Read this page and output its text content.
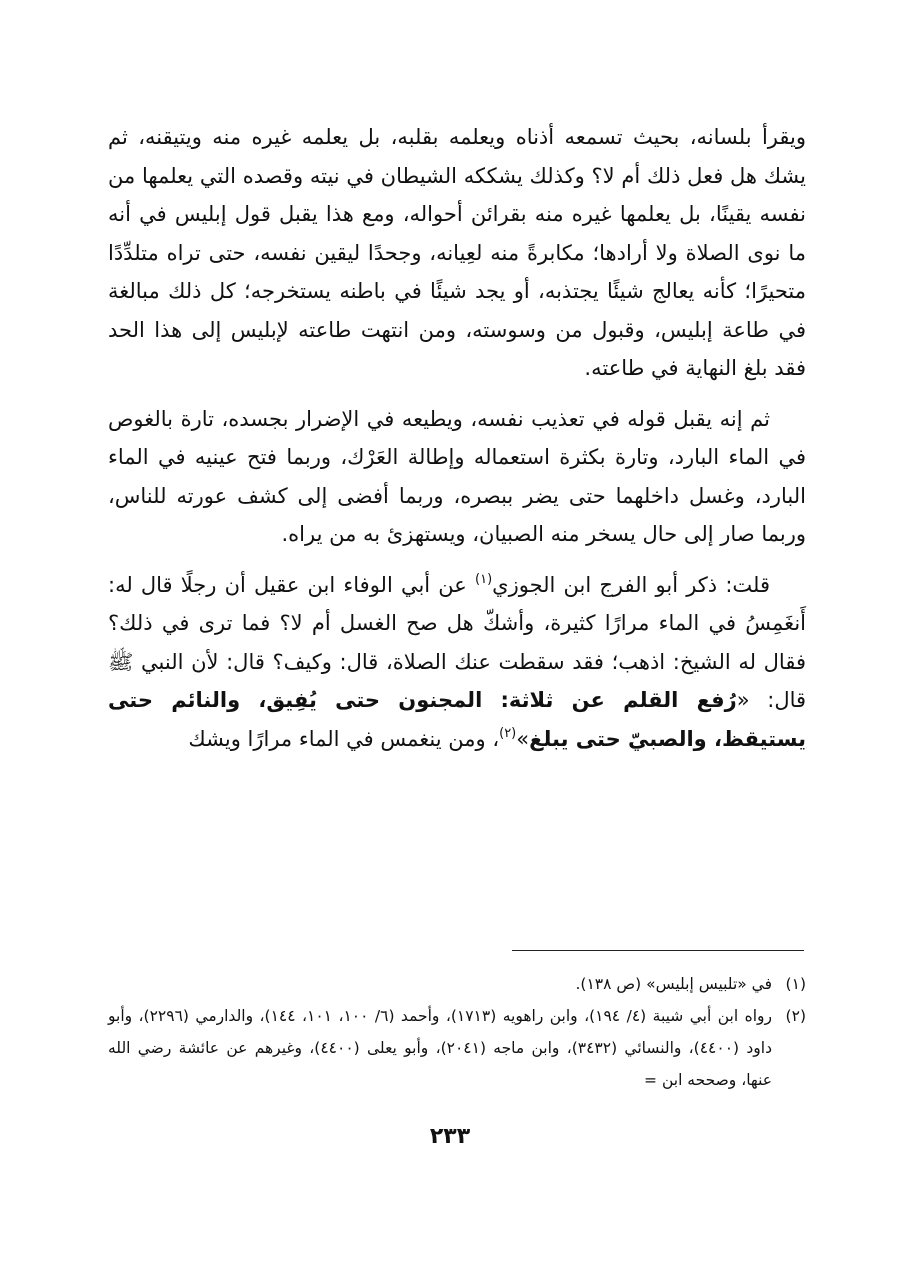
ويقرأ بلسانه، بحيث تسمعه أذناه ويعلمه بقلبه، بل يعلمه غيره منه ويتيقنه، ثم يشك هل فعل ذلك أم لا؟ وكذلك يشككه الشيطان في نيته وقصده التي يعلمها من نفسه يقينًا، بل يعلمها غيره منه بقرائن أحواله، ومع هذا يقبل قول إبليس في أنه ما نوى الصلاة ولا أرادها؛ مكابرةً منه لعِيانه، وجحدًا ليقين نفسه، حتى تراه متلدِّدًا متحيرًا؛ كأنه يعالج شيئًا يجتذبه، أو يجد شيئًا في باطنه يستخرجه؛ كل ذلك مبالغة في طاعة إبليس، وقبول من وسوسته، ومن انتهت طاعته لإبليس إلى هذا الحد فقد بلغ النهاية في طاعته.

ثم إنه يقبل قوله في تعذيب نفسه، ويطيعه في الإضرار بجسده، تارة بالغوص في الماء البارد، وتارة بكثرة استعماله وإطالة العَرْك، وربما فتح عينيه في الماء البارد، وغسل داخلهما حتى يضر ببصره، وربما أفضى إلى كشف عورته للناس، وربما صار إلى حال يسخر منه الصبيان، ويستهزئ به من يراه.

قلت: ذكر أبو الفرج ابن الجوزي$^{(١)}$ عن أبي الوفاء ابن عقيل أن رجلًا قال له: أَنغَمِسُ في الماء مرارًا كثيرة، وأشكّ هل صح الغسل أم لا؟ فما ترى في ذلك؟ فقال له الشيخ: اذهب؛ فقد سقطت عنك الصلاة، قال: وكيف؟ قال: لأن النبي ﷺ قال: «رُفع القلم عن ثلاثة: المجنون حتى يُفِيق، والنائم حتى يستيقظ، والصبيّ حتى يبلغ»$^{(٢)}$، ومن ينغمس في الماء مرارًا ويشك

(١)
في «تلبيس إبليس» (ص ١٣٨).

(٢)
رواه ابن أبي شيبة (٤/ ١٩٤)، وابن راهويه (١٧١٣)، وأحمد (٦/ ١٠٠، ١٠١، ١٤٤)، والدارمي (٢٢٩٦)، وأبو داود (٤٤٠٠)، والنسائي (٣٤٣٢)، وابن ماجه (٢٠٤١)، وأبو يعلى (٤٤٠٠)، وغيرهم عن عائشة رضي الله عنها، وصححه ابن =

٢٣٣
